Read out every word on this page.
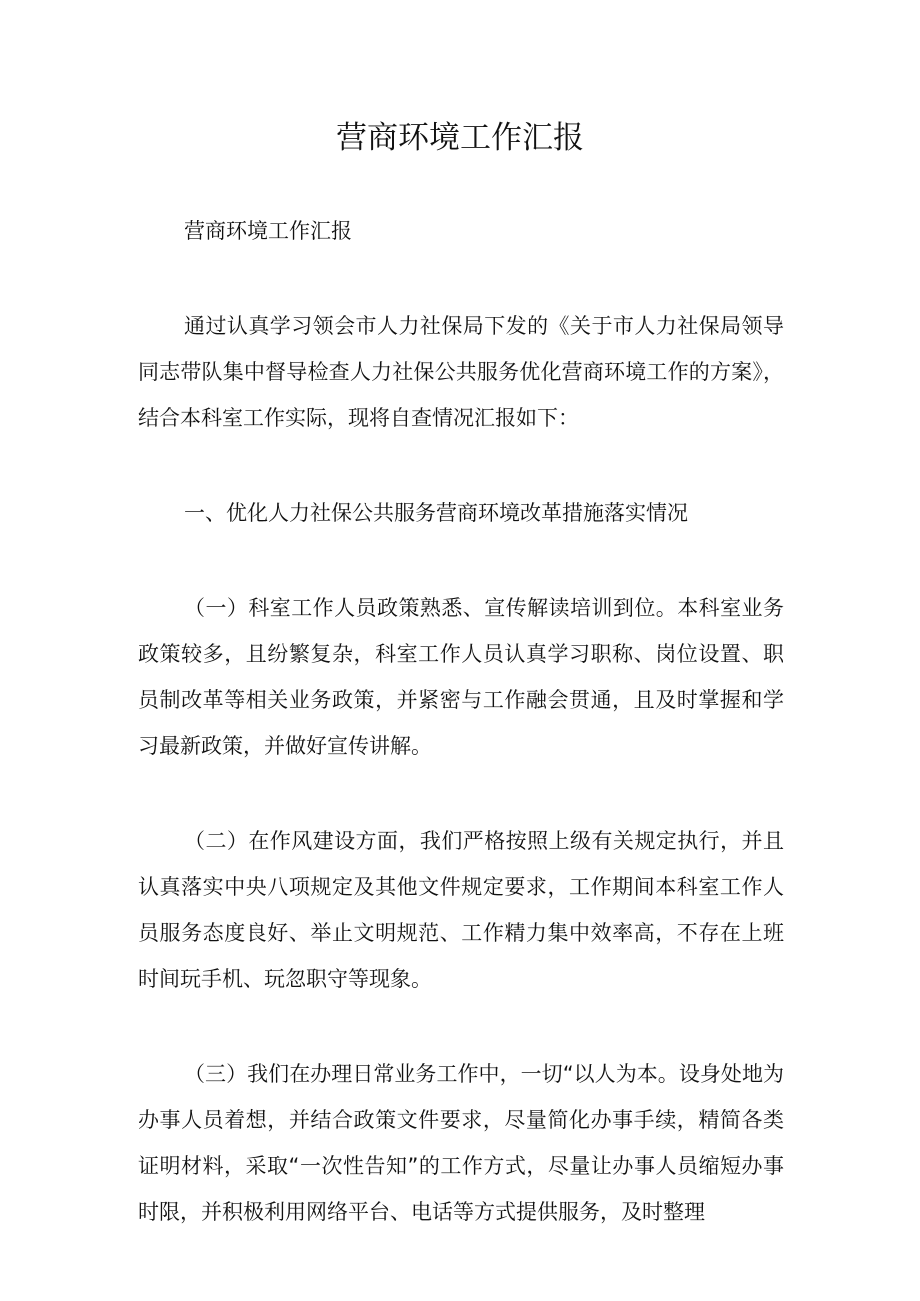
营商环境工作汇报

营商环境工作汇报

通过认真学习领会市人力社保局下发的《关于市人力社保局领导同志带队集中督导检查人力社保公共服务优化营商环境工作的方案》，结合本科室工作实际，现将自查情况汇报如下：

一、优化人力社保公共服务营商环境改革措施落实情况

（一）科室工作人员政策熟悉、宣传解读培训到位。本科室业务政策较多，且纷繁复杂，科室工作人员认真学习职称、岗位设置、职员制改革等相关业务政策，并紧密与工作融会贯通，且及时掌握和学习最新政策，并做好宣传讲解。

（二）在作风建设方面，我们严格按照上级有关规定执行，并且认真落实中央八项规定及其他文件规定要求，工作期间本科室工作人员服务态度良好、举止文明规范、工作精力集中效率高，不存在上班时间玩手机、玩忽职守等现象。

（三）我们在办理日常业务工作中，一切“以人为本。设身处地为办事人员着想，并结合政策文件要求，尽量简化办事手续，精简各类证明材料，采取“一次性告知”的工作方式，尽量让办事人员缩短办事时限，并积极利用网络平台、电话等方式提供服务，及时整理
